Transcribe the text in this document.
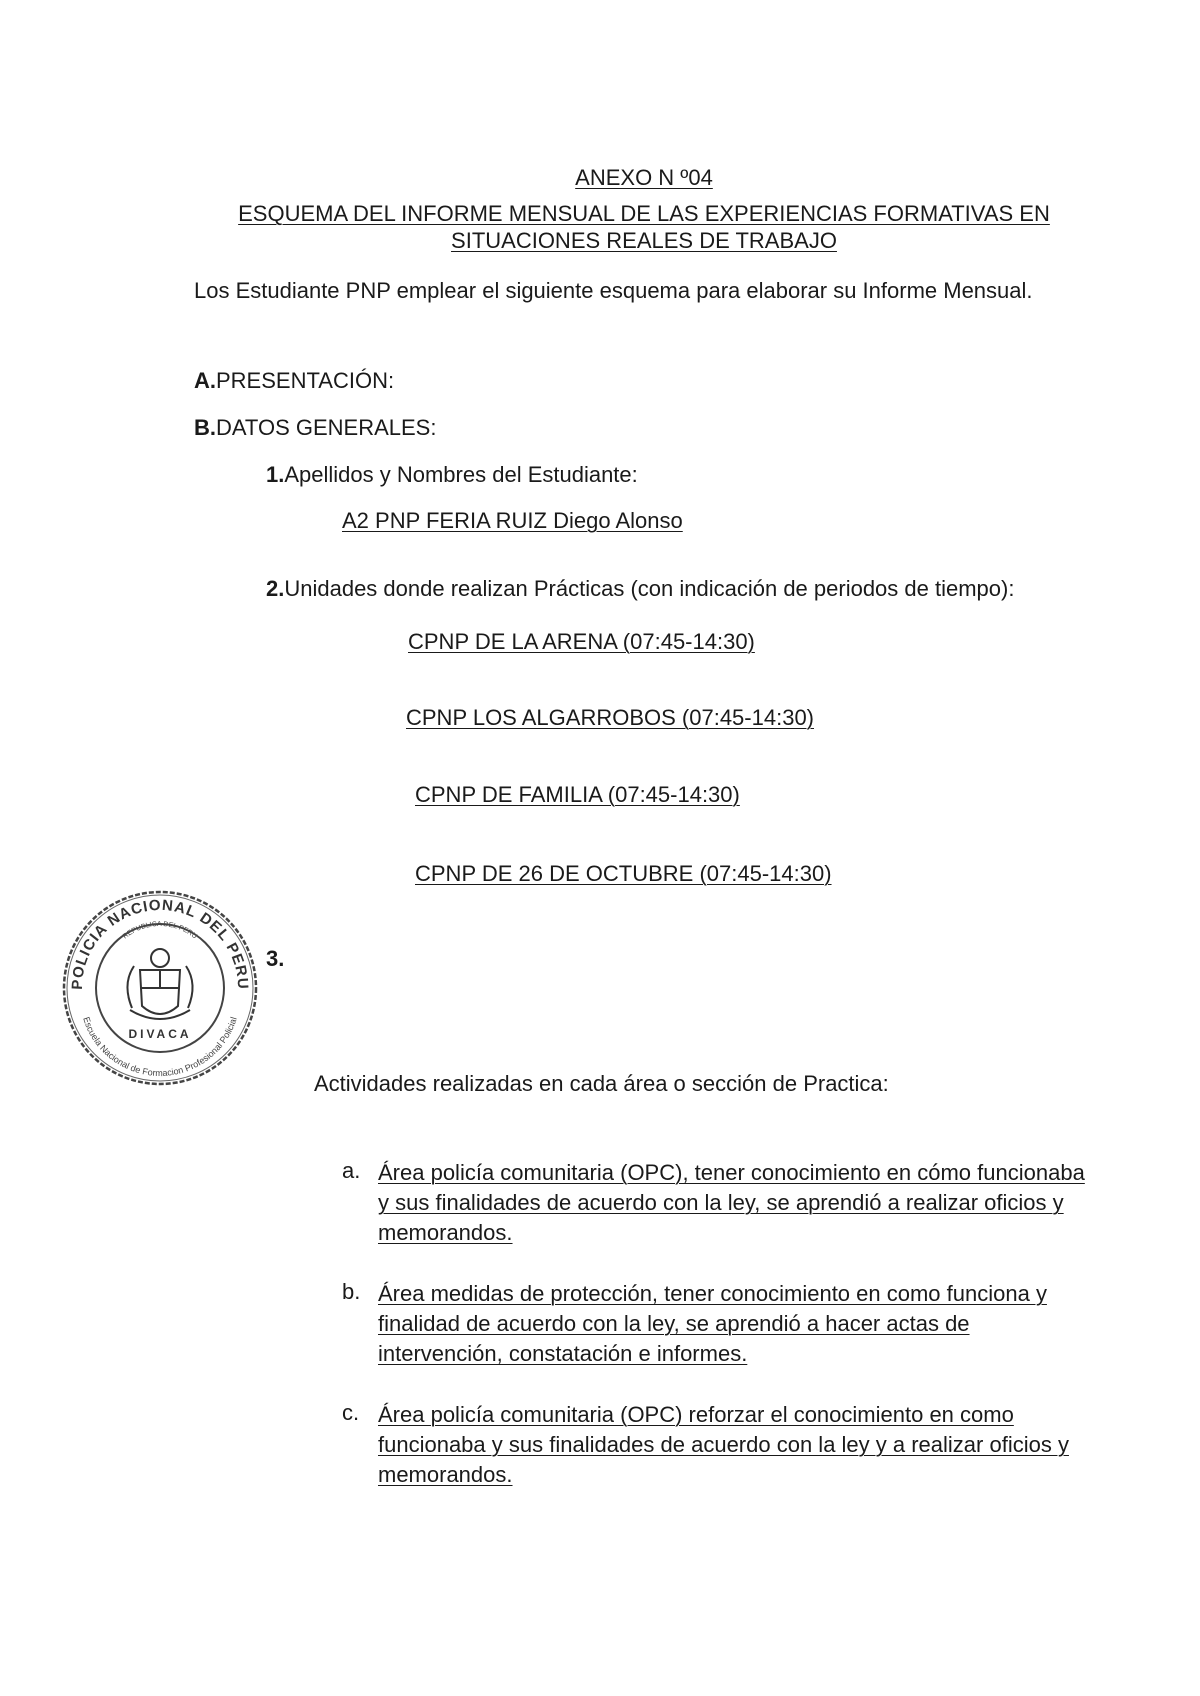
ANEXO N º04
ESQUEMA DEL INFORME MENSUAL DE LAS EXPERIENCIAS FORMATIVAS EN
SITUACIONES REALES DE TRABAJO
Los Estudiante PNP emplear el siguiente esquema para elaborar su Informe Mensual.
A.PRESENTACIÓN:
B.DATOS GENERALES:
1.Apellidos y Nombres del Estudiante:
A2 PNP FERIA RUIZ Diego Alonso
2.Unidades donde realizan Prácticas (con indicación de periodos de tiempo):
CPNP DE LA ARENA (07:45-14:30)
CPNP LOS ALGARROBOS (07:45-14:30)
CPNP DE FAMILIA (07:45-14:30)
CPNP DE 26 DE OCTUBRE (07:45-14:30)
3.
Actividades realizadas en cada área o sección de Practica:
a. Área policía comunitaria (OPC), tener conocimiento en cómo funcionaba y sus finalidades de acuerdo con la ley, se aprendió a realizar oficios y memorandos.
b. Área medidas de protección, tener conocimiento en como funciona y finalidad de acuerdo con la ley, se aprendió a hacer actas de intervención, constatación e informes.
c. Área policía comunitaria (OPC) reforzar el conocimiento en como funcionaba y sus finalidades de acuerdo con la ley y a realizar oficios y memorandos.
POLICIA NACIONAL DEL PERU
Escuela Nacional de Formacion Profesional Policial
REPUBLICA DEL PERU
DIVACA
